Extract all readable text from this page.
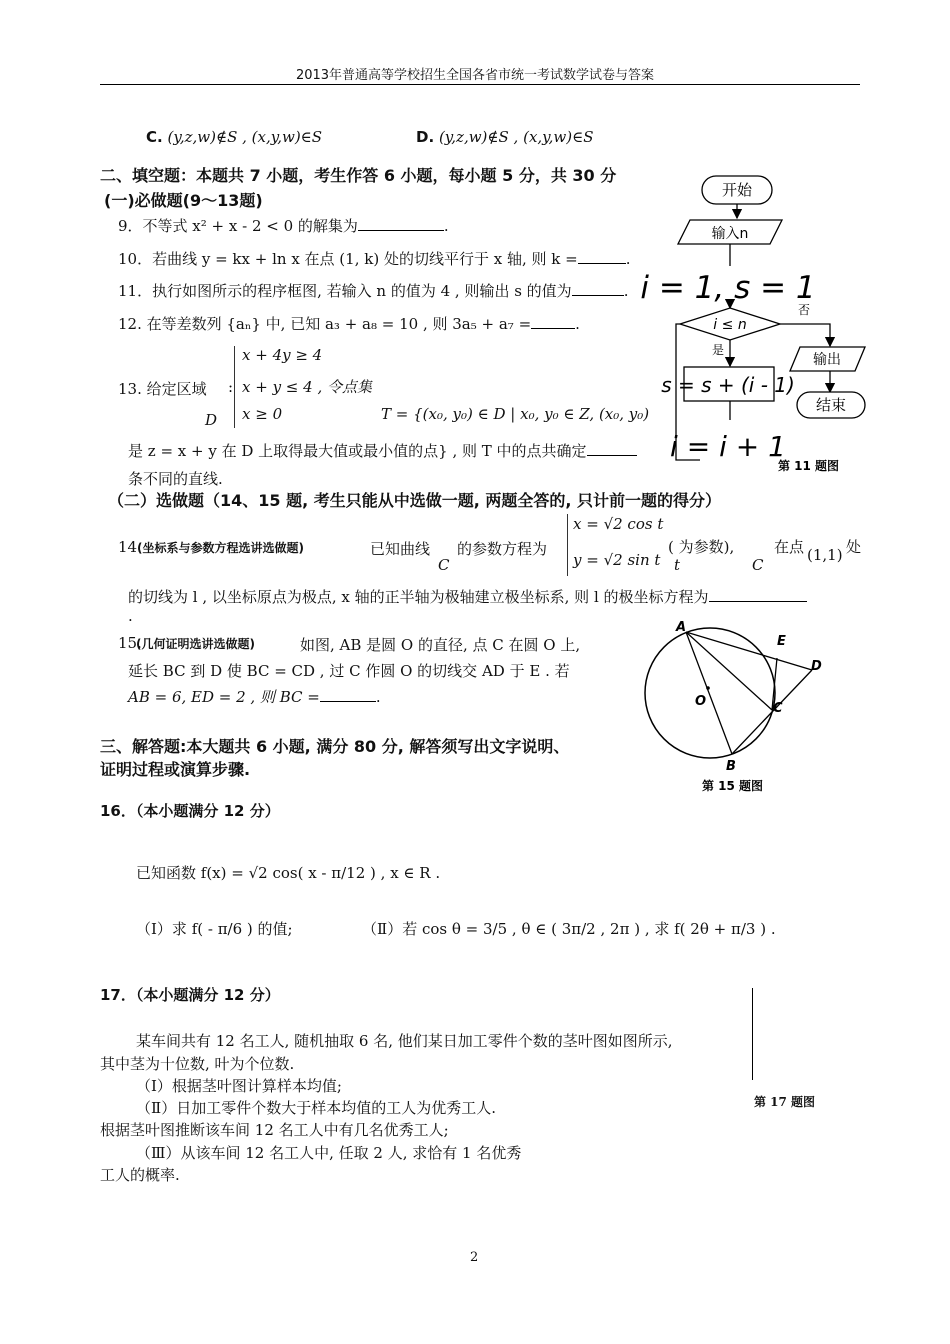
2013年普通高等学校招生全国各省市统一考试数学试卷与答案
C. (y,z,w)∉S , (x,y,w)∈S	D. (y,z,w)∉S , (x,y,w)∈S
二、填空题：本题共 7 小题，考生作答 6 小题，每小题 5 分，共 30 分
(一)必做题(9～13题)
9．不等式 x² + x - 2 < 0 的解集为	.
10．若曲线 y = kx + ln x 在点 (1, k) 处的切线平行于 x 轴, 则 k =	.
11．执行如图所示的程序框图, 若输入 n 的值为 4 , 则输出 s 的值为	.
12. 在等差数列 {aₙ} 中, 已知 a₃ + a₈ = 10 , 则 3a₅ + a₇ =	.
13. 给定区域 :
D
x + 4y ≥ 4
x + y ≤ 4 , 令点集
x ≥ 0	T = {(x₀, y₀) ∈ D | x₀, y₀ ∈ Z, (x₀, y₀)
是 z = x + y 在 D 上取得最大值或最小值的点} , 则 T 中的点共确定
条不同的直线.
（二）选做题（14、15 题, 考生只能从中选做一题, 两题全答的, 只计前一题的得分）
14.
(坐标系与参数方程选讲选做题)	已知曲线
C
的参数方程为
x = √2 cos t
y = √2 sin t
( 为参数),
t
在点
C
(1,1) 处
的切线为 l , 以坐标原点为极点, x 轴的正半轴为极轴建立极坐标系, 则 l 的极坐标方程为
.
15.
(几何证明选讲选做题)	如图, AB 是圆 O 的直径, 点 C 在圆 O 上,
延长 BC 到 D 使 BC = CD , 过 C 作圆 O 的切线交 AD 于 E . 若
AB = 6, ED = 2 , 则 BC =	.
三、解答题:本大题共 6 小题, 满分 80 分, 解答须写出文字说明、
证明过程或演算步骤.
16．（本小题满分 12 分）
已知函数 f(x) = √2 cos( x - π/12 ) , x ∈ R .
（Ⅰ）求 f( - π/6 ) 的值;	（Ⅱ）若 cos θ = 3/5 , θ ∈ ( 3π/2 , 2π ) , 求 f( 2θ + π/3 ) .
17．（本小题满分 12 分）
某车间共有 12 名工人, 随机抽取 6 名, 他们某日加工零件个数的茎叶图如图所示,
其中茎为十位数, 叶为个位数.
（Ⅰ）根据茎叶图计算样本均值;
（Ⅱ）日加工零件个数大于样本均值的工人为优秀工人.
根据茎叶图推断该车间 12 名工人中有几名优秀工人;
（Ⅲ）从该车间 12 名工人中, 任取 2 人, 求恰有 1 名优秀
工人的概率.
第 17 题图
开始
输入n
i = 1, s = 1
i ≤ n
否
输出
结束
是
s = s + (i - 1)
i = i + 1
第 11 题图
A
E
D
O	C
B
第 15 题图
2
